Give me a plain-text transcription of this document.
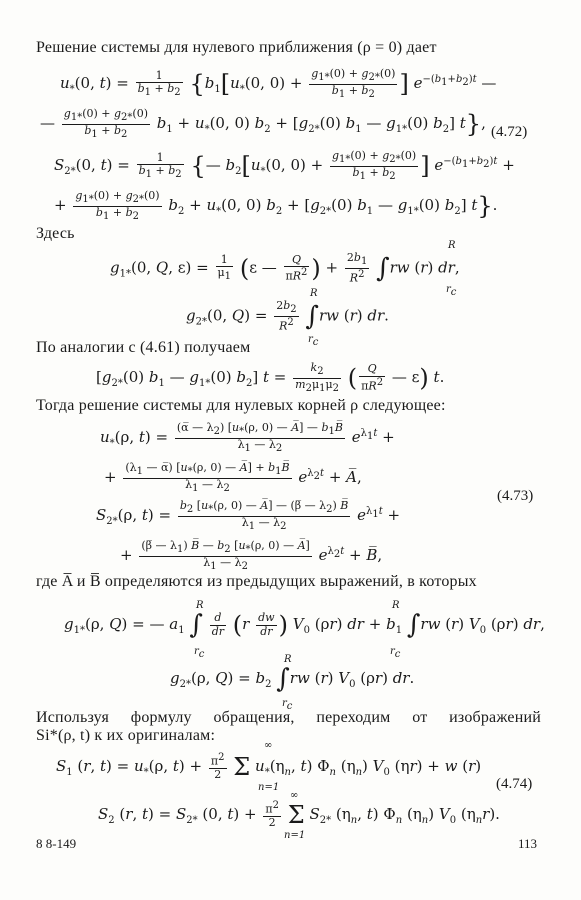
Решение системы для нулевого приближения (ρ = 0) дает
$u_*(0$, $t) = \frac{1}{b_1 + b_2} \{b_1[u_*(0$, $0) + \frac{g_{1*}(0) + g_{2*}(0)}{b_1 + b_2}$ ] $e^{-(b_1+b_2)t}$ —
— $\frac{g_{1*}(0) + g_{2*}(0)}{b_1 + b_2} b_1 + u_*(0$, 0) $b_2 + [g_{2*}(0)$ $b_1$ — $g_{1*}(0)$ $b_2$] t}, (4.72)
$S_{2*}(0$, $t) = \frac{1}{b_1 + b_2}$ {— $b_2[u_*(0$, $0) + \frac{g_{1*}(0) + g_{2*}(0)}{b_1 + b_2}$ ] $e^{-(b_1+b_2)t}$ +
+ $\frac{g_{1*}(0) + g_{2*}(0)}{b_1 + b_2} b_2 + u_*(0$, 0) $b_2 + [g_{2*}(0)$ $b_1$ — $g_{1*}(0)$ $b_2$] t}.
Здесь
R
$g_{1*}(0$, Q, $\varepsilon) = \frac{1}{\mu_1} (\varepsilon$ — $\frac{Q}{\pi R^2}$ ) + $\frac{2b_1}{R^2} \int rw$ (r) dr,
$r_c$
R
$g_{2*}(0$, $Q) = \frac{2b_2}{R^2} \int rw$ (r) dr.
$r_c$
По аналогии с (4.61) получаем
[$g_{2*}(0)$ $b_1$ — $g_{1*}(0)$ $b_2$] $t = \frac{k_2}{m_2\mu_1\mu_2}$ ( $\frac{Q}{\pi R^2}$ — ε) t.
Тогда решение системы для нулевых корней ρ следующее:
$u_*(\rho$, $t) = \frac{(\alpha̅ — \lambda_2) [u_*(\rho, 0) — A̅] — b_1B̅}{\lambda_1 — \lambda_2} e^{\lambda_1t}$ +
+ $\frac{(\lambda_1 — \alpha̅) [u_*(\rho, 0) — A̅] + b_1B̅}{\lambda_1 — \lambda_2} e^{\lambda_2t}$ + A̅,
(4.73)
$S_{2*}(\rho$, $t) = \frac{b_2 [u_*(\rho, 0) — A̅] — (\beta̅ — \lambda_2) B̅}{\lambda_1 — \lambda_2} e^{\lambda_1t}$ +
+ $\frac{(\beta̅ — \lambda_1) B̅ — b_2 [u_*(\rho, 0) — A̅]}{\lambda_1 — \lambda_2} e^{\lambda_2t}$ + B̅,
где A̅ и B̅ определяются из предыдущих выражений, в которых
R	R
$g_{1*}(\rho$, Q) = — $a_1$ ∫ $\frac{d}{dr} (r \frac{dw}{dr}$ ) $V_0$ (ρr) dr + $b_1$ ∫rw (r) $V_0$ (ρr) dr,
$r_c$	$r_c$
R
$g_{2*}(\rho$, $Q) = b_2$ ∫rw (r) $V_0$ (ρr) dr.
$r_c$
Используя формулу обращения, переходим от изображений
Si*(ρ, t) к их оригиналам:
∞
$S_1$ (r, $t) = u_*(\rho$, $t) + \frac{\pi^2}{2}$ Σ $u_*(\eta_n$, t) $\Phi_n$ $(\eta_n)$ $V_0$ (ηr) + w (r)
n=1	(4.74)
∞
$S_2$ (r, $t) = S_{2*}$ (0, $t) + \frac{\pi^2}{2}$ Σ $S_{2*}$ ($\eta_n$, t) $\Phi_n$ $(\eta_n)$ $V_0$ $(\eta_nr)$.
n=1
8 8-149	113
